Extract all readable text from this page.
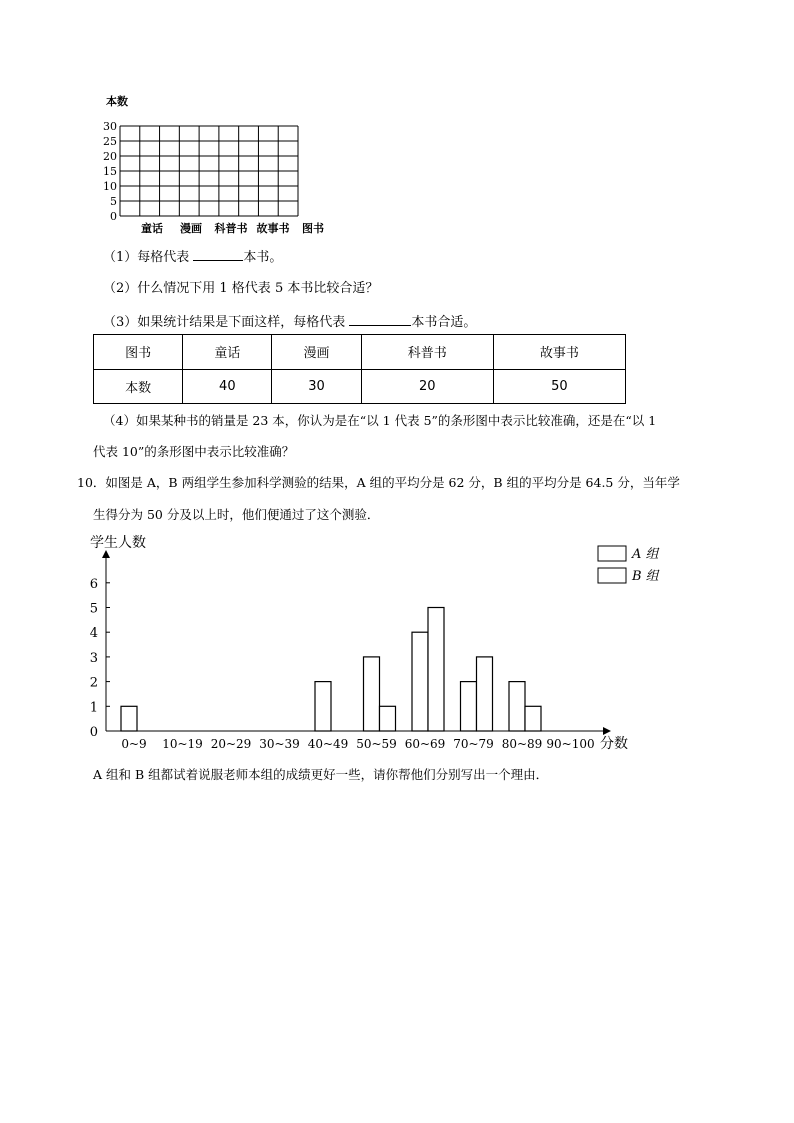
本数
0
5
10
15
20
25
30
童话 漫画 科普书 故事书 图书
（1）每格代表	本书。
（2）什么情况下用 1 格代表 5 本书比较合适？
（3）如果统计结果是下面这样，每格代表	本书合适。
图书	童话	漫画	科普书	故事书
本数	40	30	20	50
（4）如果某种书的销量是 23 本，你认为是在“以 1 代表 5”的条形图中表示比较准确，还是在“以 1
代表 10”的条形图中表示比较准确？
10．如图是 A，B 两组学生参加科学测验的结果，A 组的平均分是 62 分，B 组的平均分是 64.5 分，当年学
生得分为 50 分及以上时，他们便通过了这个测验．
学生人数
分数
0
1
2
3
4
5
6
0~9 10~19 20~29 30~39 40~49 50~59 60~69 70~79 80~89 90~100
A 组
B 组
A 组和 B 组都试着说服老师本组的成绩更好一些，请你帮他们分别写出一个理由．
